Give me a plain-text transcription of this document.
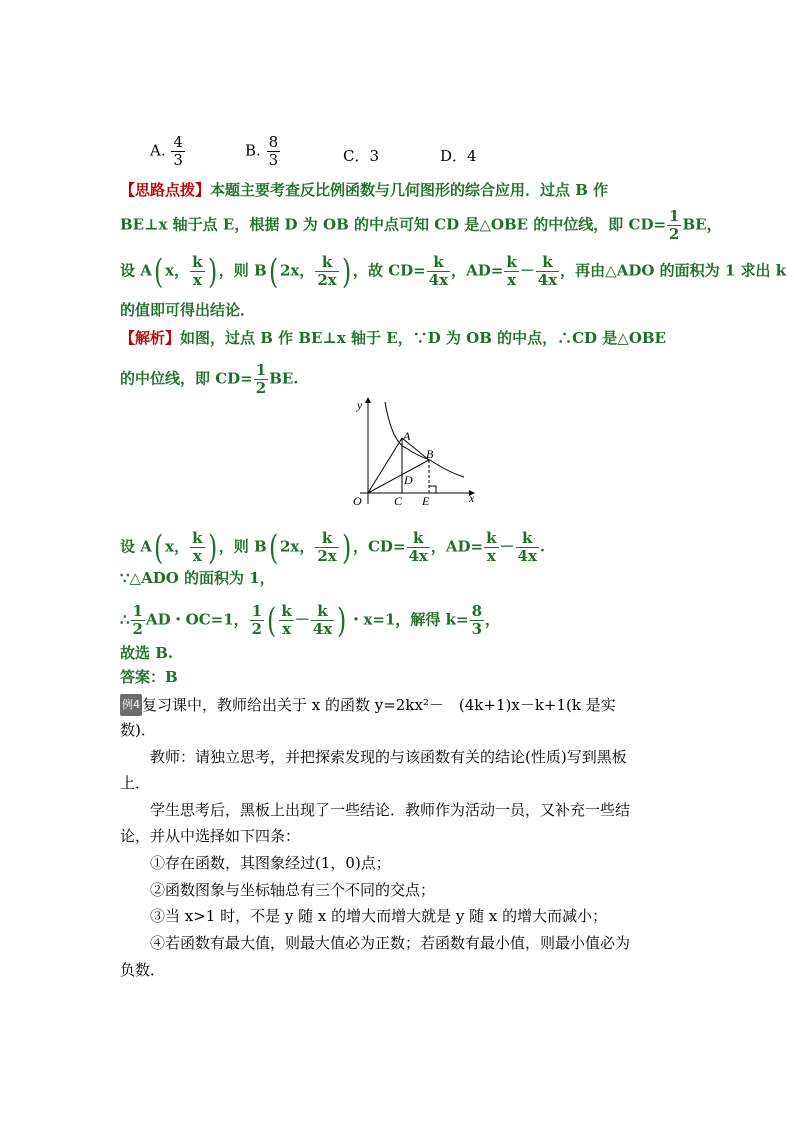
A. $\frac{4}{3}$	B. $\frac{8}{3}$	C．3	D．4
【思路点拨】本题主要考查反比例函数与几何图形的综合应用．过点 B 作
BE⊥x 轴于点 E，根据 D 为 OB 的中点可知 CD 是△OBE 的中位线，即 $CD= \frac{1}{2}$ BE，
设 A( x， $\frac{k}{x}$ ) ，则 B( 2x， $\frac{k}{2x}$ ) ，故 $CD= \frac{k}{4x}$ ，$AD= \frac{k}{x} - \frac{k}{4x}$ ，再由△ADO 的面积为 1 求出 k
的值即可得出结论．
【解析】如图，过点 B 作 BE⊥x 轴于 E，∵D 为 OB 的中点，∴CD 是△OBE
的中位线，即 $CD= \frac{1}{2}$ BE.
y
x
O
A
B
C
D
E
设 A( x， $\frac{k}{x}$ ) ，则 B( 2x， $\frac{k}{2x}$ ) ，$CD= \frac{k}{4x}$ ，$AD= \frac{k}{x} - \frac{k}{4x}$ .
∵△ADO 的面积为 1，
∴ $\frac{1}{2}$ AD・OC=1， $\frac{1}{2}$ ( $\frac{k}{x} - \frac{k}{4x}$ ) ・x=1，解得 $k= \frac{8}{3}$ ，
故选 B.
答案：B
例4 复习课中，教师给出关于 x 的函数 y=2kx²－　(4k+1)x－k+1(k 是实
数)．
教师：请独立思考，并把探索发现的与该函数有关的结论(性质)写到黑板
上．
学生思考后，黑板上出现了一些结论．教师作为活动一员，又补充一些结
论，并从中选择如下四条：
①存在函数，其图象经过(1，0)点；
②函数图象与坐标轴总有三个不同的交点；
③当 x>1 时，不是 y 随 x 的增大而增大就是 y 随 x 的增大而减小；
④若函数有最大值，则最大值必为正数；若函数有最小值，则最小值必为
负数．
